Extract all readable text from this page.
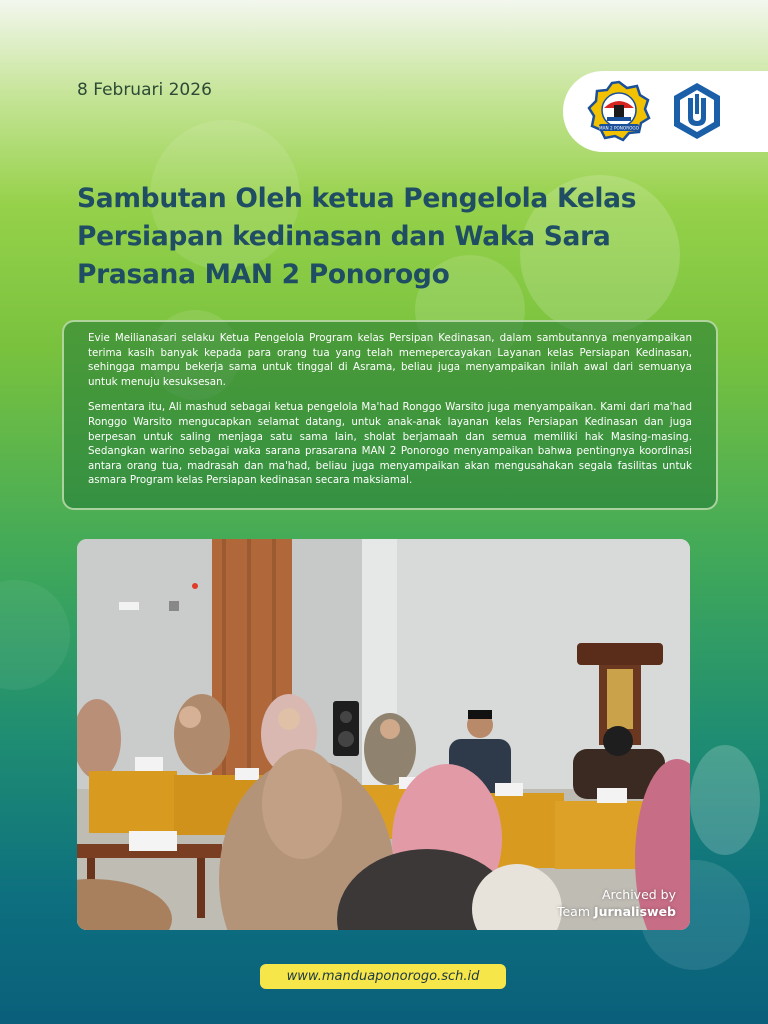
8 Februari 2026
MAN 2 PONOROGO
Sambutan Oleh ketua Pengelola Kelas Persiapan kedinasan dan Waka Sara Prasana MAN 2 Ponorogo

Evie Meilianasari selaku Ketua Pengelola Program kelas Persipan Kedinasan, dalam sambutannya menyampaikan terima kasih banyak kepada para orang tua yang telah memepercayakan Layanan kelas Persiapan Kedinasan, sehingga mampu bekerja sama untuk tinggal di Asrama, beliau juga menyampaikan inilah awal dari semuanya untuk menuju kesuksesan.

Sementara itu, Ali mashud sebagai ketua pengelola Ma'had Ronggo Warsito juga menyampaikan. Kami dari ma'had Ronggo Warsito mengucapkan selamat datang, untuk anak-anak layanan kelas Persiapan Kedinasan dan juga berpesan untuk saling menjaga satu sama lain, sholat berjamaah dan semua memiliki hak Masing-masing. Sedangkan warino sebagai waka sarana prasarana MAN 2 Ponorogo menyampaikan bahwa pentingnya koordinasi antara orang tua, madrasah dan ma'had, beliau juga menyampaikan akan mengusahakan segala fasilitas untuk asmara Program kelas Persiapan kedinasan secara maksiamal.

Archived by
Team Jurnalisweb
www.manduaponorogo.sch.id
